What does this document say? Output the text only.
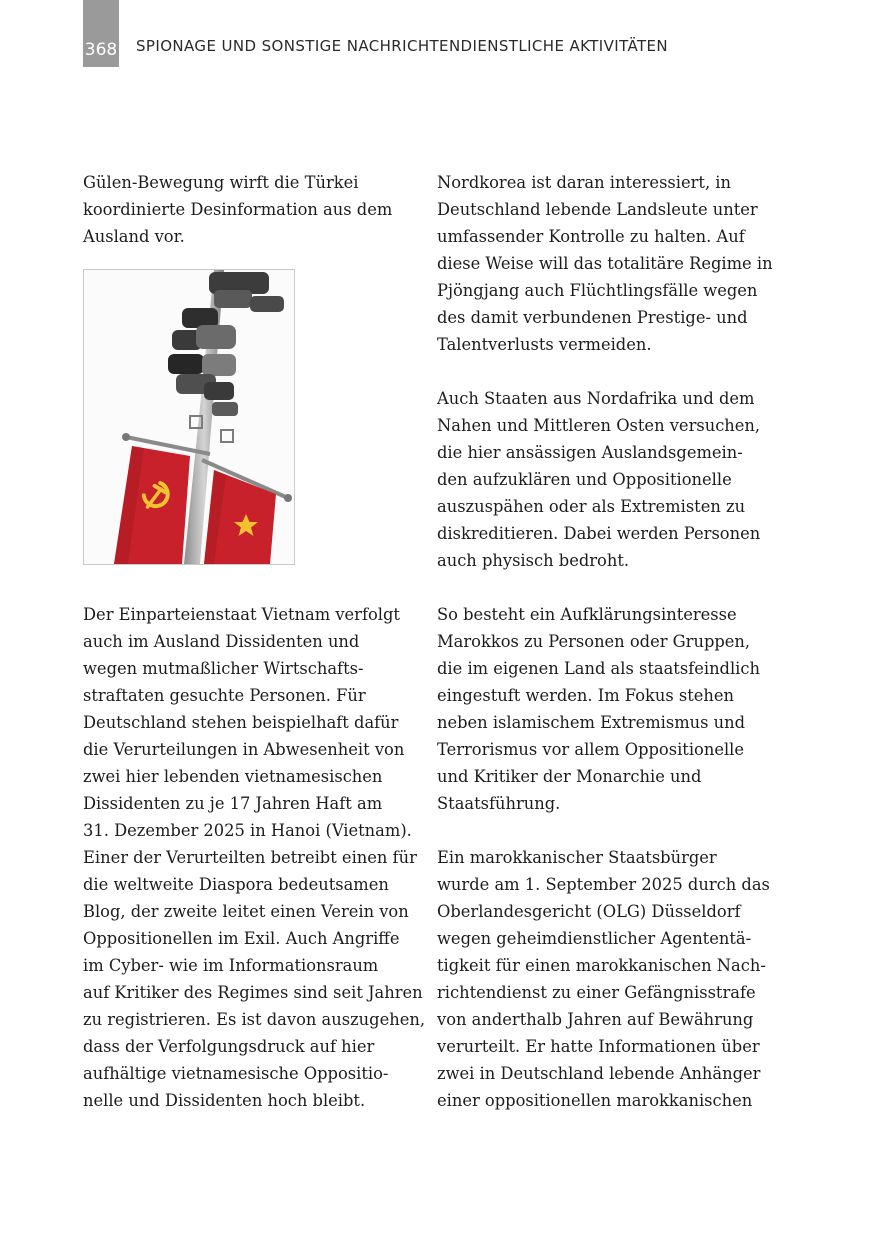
368 SPIONAGE UND SONSTIGE NACHRICHTENDIENSTLICHE AKTIVITÄTEN
Gülen-Bewegung wirft die Türkei
koordinierte Desinformation aus dem
Ausland vor.
Der Einparteienstaat Vietnam verfolgt
auch im Ausland Dissidenten und
wegen mutmaßlicher Wirtschafts-
straftaten gesuchte Personen. Für
Deutschland stehen beispielhaft dafür
die Verurteilungen in Abwesenheit von
zwei hier lebenden vietnamesischen
Dissidenten zu je 17 Jahren Haft am
31. Dezember 2025 in Hanoi (Vietnam).
Einer der Verurteilten betreibt einen für
die weltweite Diaspora bedeutsamen
Blog, der zweite leitet einen Verein von
Oppositionellen im Exil. Auch Angriffe
im Cyber- wie im Informationsraum
auf Kritiker des Regimes sind seit Jahren
zu registrieren. Es ist davon auszugehen,
dass der Verfolgungsdruck auf hier
aufhältige vietnamesische Oppositio-
nelle und Dissidenten hoch bleibt.
Nordkorea ist daran interessiert, in
Deutschland lebende Landsleute unter
umfassender Kontrolle zu halten. Auf
diese Weise will das totalitäre Regime in
Pjöngjang auch Flüchtlingsfälle wegen
des damit verbundenen Prestige- und
Talentverlusts vermeiden.
Auch Staaten aus Nordafrika und dem
Nahen und Mittleren Osten versuchen,
die hier ansässigen Auslandsgemein-
den aufzuklären und Oppositionelle
auszuspähen oder als Extremisten zu
diskreditieren. Dabei werden Personen
auch physisch bedroht.
So besteht ein Aufklärungsinteresse
Marokkos zu Personen oder Gruppen,
die im eigenen Land als staatsfeindlich
eingestuft werden. Im Fokus stehen
neben islamischem Extremismus und
Terrorismus vor allem Oppositionelle
und Kritiker der Monarchie und
Staatsführung.
Ein marokkanischer Staatsbürger
wurde am 1. September 2025 durch das
Oberlandesgericht (OLG) Düsseldorf
wegen geheimdienstlicher Agententä-
tigkeit für einen marokkanischen Nach-
richtendienst zu einer Gefängnisstrafe
von anderthalb Jahren auf Bewährung
verurteilt. Er hatte Informationen über
zwei in Deutschland lebende Anhänger
einer oppositionellen marokkanischen
